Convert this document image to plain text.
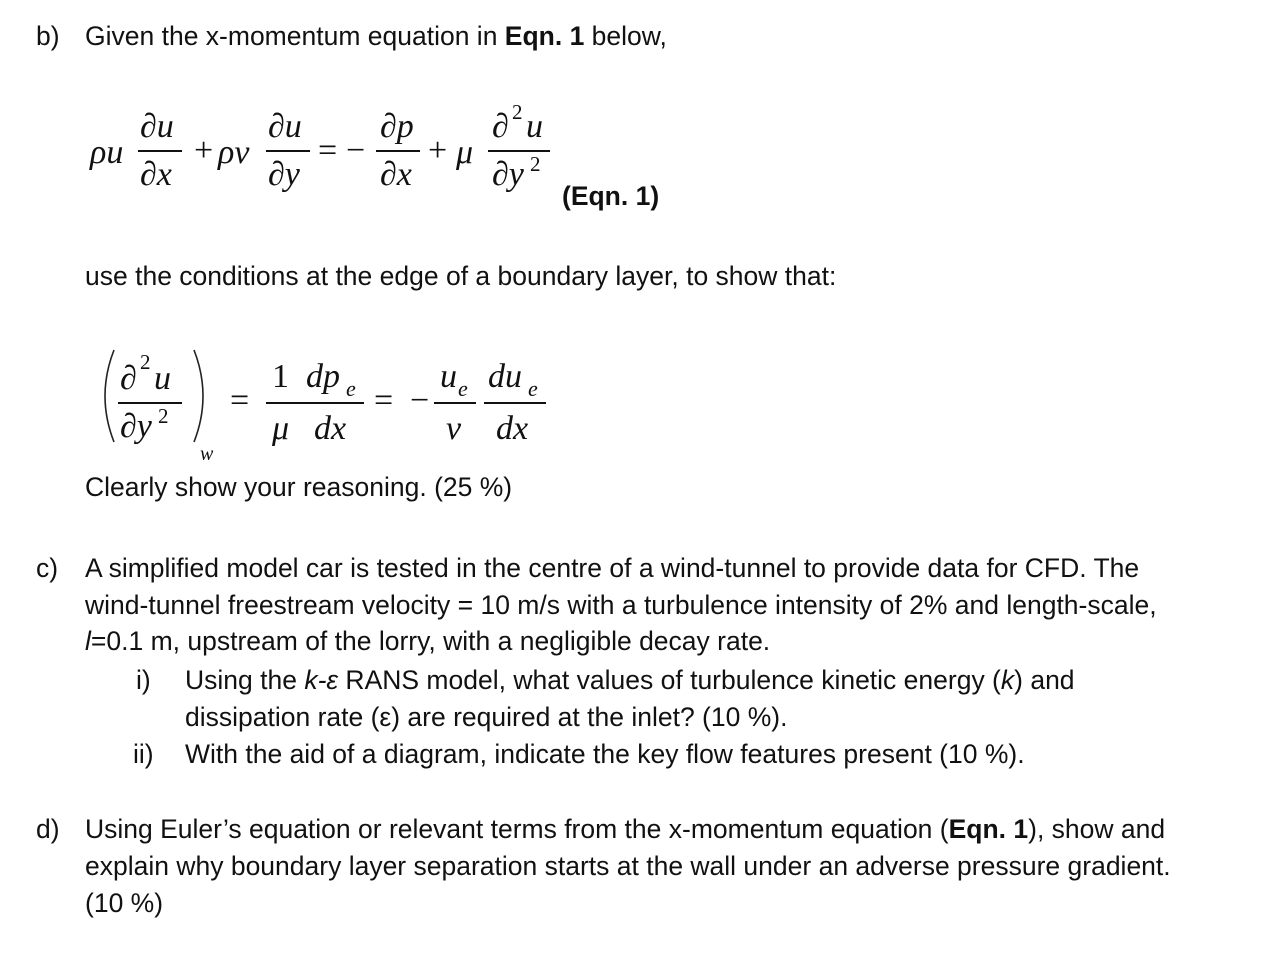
b) Given the x-momentum equation in Eqn. 1 below,
ρu
∂u
∂x
+ ρv
∂u
∂y
= −
∂p
∂x
+ μ
∂ 2 u
∂y 2
(Eqn. 1)
use the conditions at the edge of a boundary layer, to show that:
∂ 2 u
∂y 2
w
=
1 dp e
μ dx
= −
u e
ν
du e
dx
Clearly show your reasoning. (25 %)
c) A simplified model car is tested in the centre of a wind-tunnel to provide data for CFD. The
wind-tunnel freestream velocity = 10 m/s with a turbulence intensity of 2% and length-scale,
l=0.1 m, upstream of the lorry, with a negligible decay rate.
i) Using the k-ε RANS model, what values of turbulence kinetic energy (k) and
dissipation rate (ε) are required at the inlet? (10 %).
ii) With the aid of a diagram, indicate the key flow features present (10 %).
d) Using Euler’s equation or relevant terms from the x-momentum equation (Eqn. 1), show and
explain why boundary layer separation starts at the wall under an adverse pressure gradient.
(10 %)
